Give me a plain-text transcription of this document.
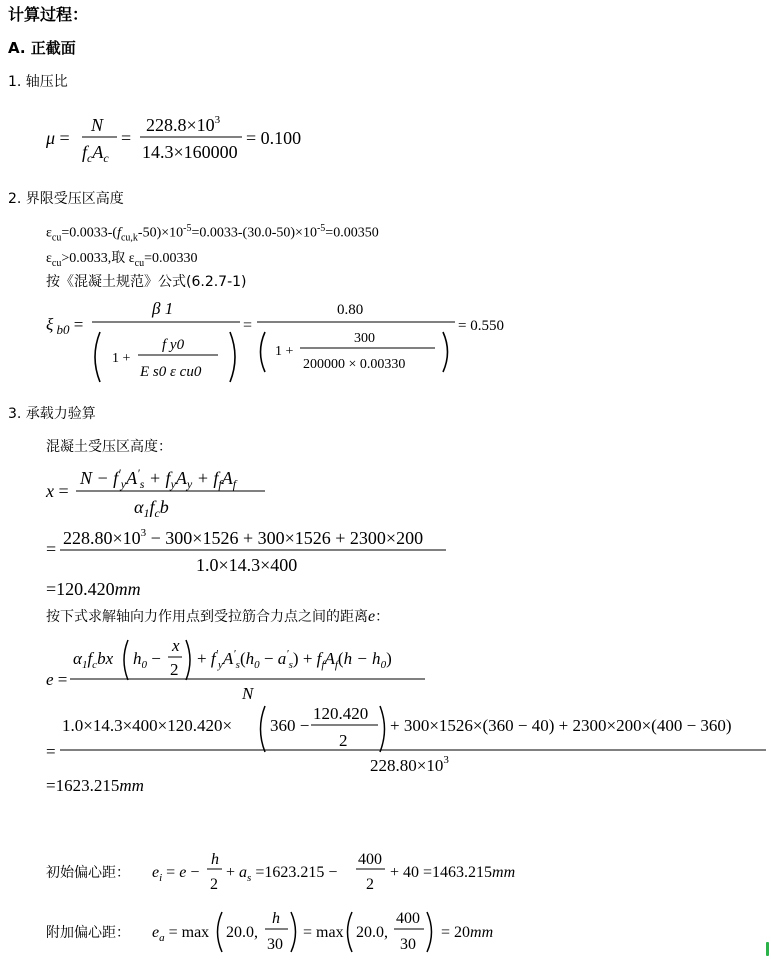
计算过程：
A. 正截面
1. 轴压比
μ =
N
$f_cA_c$
=
$228.8\times 10^3$
14.3×160000
= 0.100
ξ $_{b0}$ =
β 1
1 +
f y0
E s0 ε cu0
=
0.80
1 +
300
200000 × 0.00330
= 0.550
x =
$N - f'_yA'_s + f_yA_y + f_fA_f$
$\alpha_1f_cb$
=
$228.80\times 10^3 - 300\times 1526 + 300\times 1526 + 2300\times 200$
1.0×14.3×400
=120.420mm
e =
$\alpha_1f_cbx$ $h_0$ −
x
2
+ $f'_yA'_s(h_0 - a'_s) + f_fA_f(h - h_0)$
N
=
1.0×14.3×400×120.420× 360 −
120.420
2
+ 300×1526×(360 − 40) + 2300×200×(400 − 360)
$228.80\times 10^3$
=1623.215mm
$e_i = e$ −
h
2
+ $a_s =1623.215$ −
400
2
+ 40 =1463.215mm
$e_a = \max 20.0$,
h
30
= max 20.0,
400
30
= 20mm
2. 界限受压区高度
$\varepsilon_{cu}=0.0033-(f_{cu,k}-50)\times 10^{-5}=0.0033-(30.0-50)\times 10^{-5}=0.00350$
$\varepsilon_{cu}>0.0033$,取 $\varepsilon_{cu}=0.00330$
按《混凝土规范》公式(6.2.7-1)
3. 承载力验算
混凝土受压区高度：
按下式求解轴向力作用点到受拉筋合力点之间的距离e：
初始偏心距：
附加偏心距：
